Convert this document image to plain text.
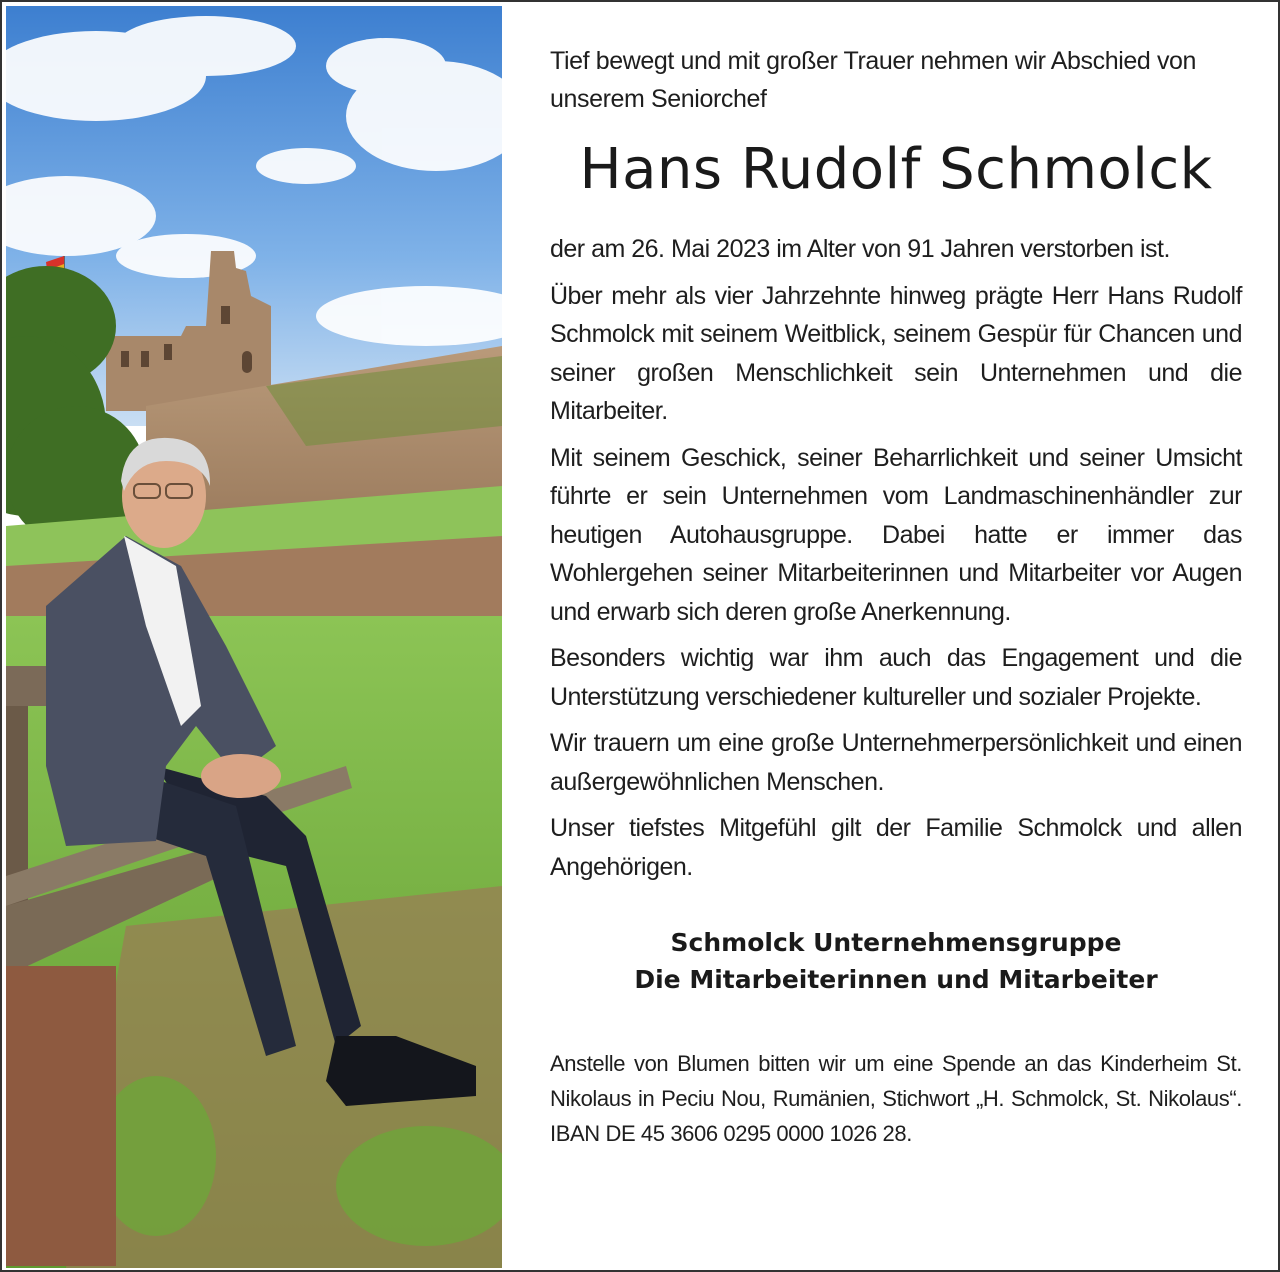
Tief bewegt und mit großer Trauer nehmen wir Abschied von unserem Seniorchef

Hans Rudolf Schmolck

der am 26. Mai 2023 im Alter von 91 Jahren verstorben ist.

Über mehr als vier Jahrzehnte hinweg prägte Herr Hans Rudolf Schmolck mit seinem Weitblick, seinem Gespür für Chancen und seiner großen Menschlichkeit sein Unternehmen und die Mitarbeiter.

Mit seinem Geschick, seiner Beharrlichkeit und seiner Umsicht führte er sein Unternehmen vom Landmaschinenhändler zur heutigen Autohausgruppe. Dabei hatte er immer das Wohlergehen seiner Mitarbeiterinnen und Mitarbeiter vor Augen und erwarb sich deren große Anerkennung.

Besonders wichtig war ihm auch das Engagement und die Unterstützung verschiedener kultureller und sozialer Projekte.

Wir trauern um eine große Unternehmerpersönlichkeit und einen außergewöhnlichen Menschen.

Unser tiefstes Mitgefühl gilt der Familie Schmolck und allen Angehörigen.

Schmolck Unternehmensgruppe
Die Mitarbeiterinnen und Mitarbeiter

Anstelle von Blumen bitten wir um eine Spende an das Kinderheim St. Nikolaus in Peciu Nou, Rumänien, Stichwort „H. Schmolck, St. Nikolaus“. IBAN DE 45 3606 0295 0000 1026 28.
